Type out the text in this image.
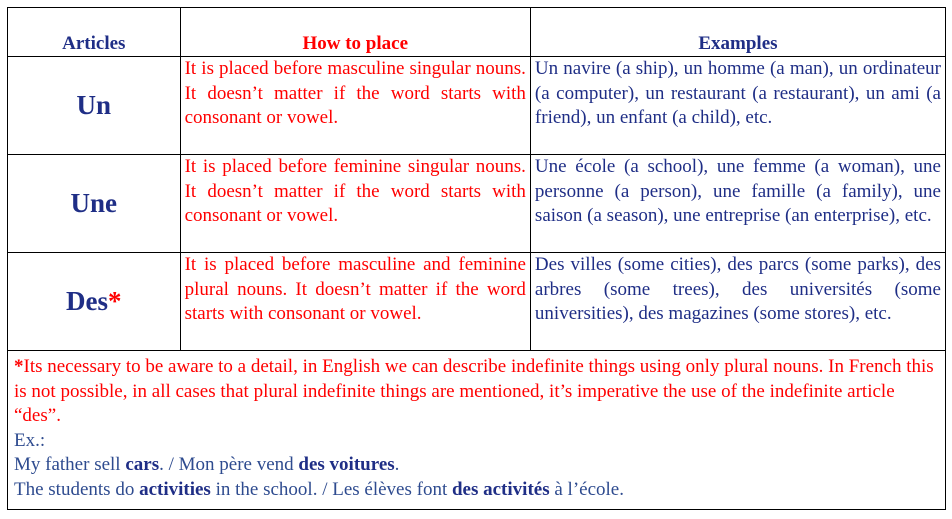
Articles	How to place	Examples
Un	It is placed before masculine singular nouns. It doesn’t matter if the word starts with consonant or vowel.	Un navire (a ship), un homme (a man), un ordinateur (a computer), un restaurant (a restaurant), un ami (a friend), un enfant (a child), etc.
Une	It is placed before feminine singular nouns. It doesn’t matter if the word starts with consonant or vowel.	Une école (a school), une femme (a woman), une personne (a person), une famille (a family), une saison (a season), une entreprise (an enterprise), etc.
Des*	It is placed before masculine and feminine plural nouns. It doesn’t matter if the word starts with consonant or vowel.	Des villes (some cities), des parcs (some parks), des arbres (some trees), des universités (some universities), des magazines (some stores), etc.

*Its necessary to be aware to a detail, in English we can describe indefinite things using only plural nouns. In French this is not possible, in all cases that plural indefinite things are mentioned, it’s imperative the use of the indefinite article “des”.

Ex.:

My father sell cars. / Mon père vend des voitures.

The students do activities in the school. / Les élèves font des activités à l’école.
